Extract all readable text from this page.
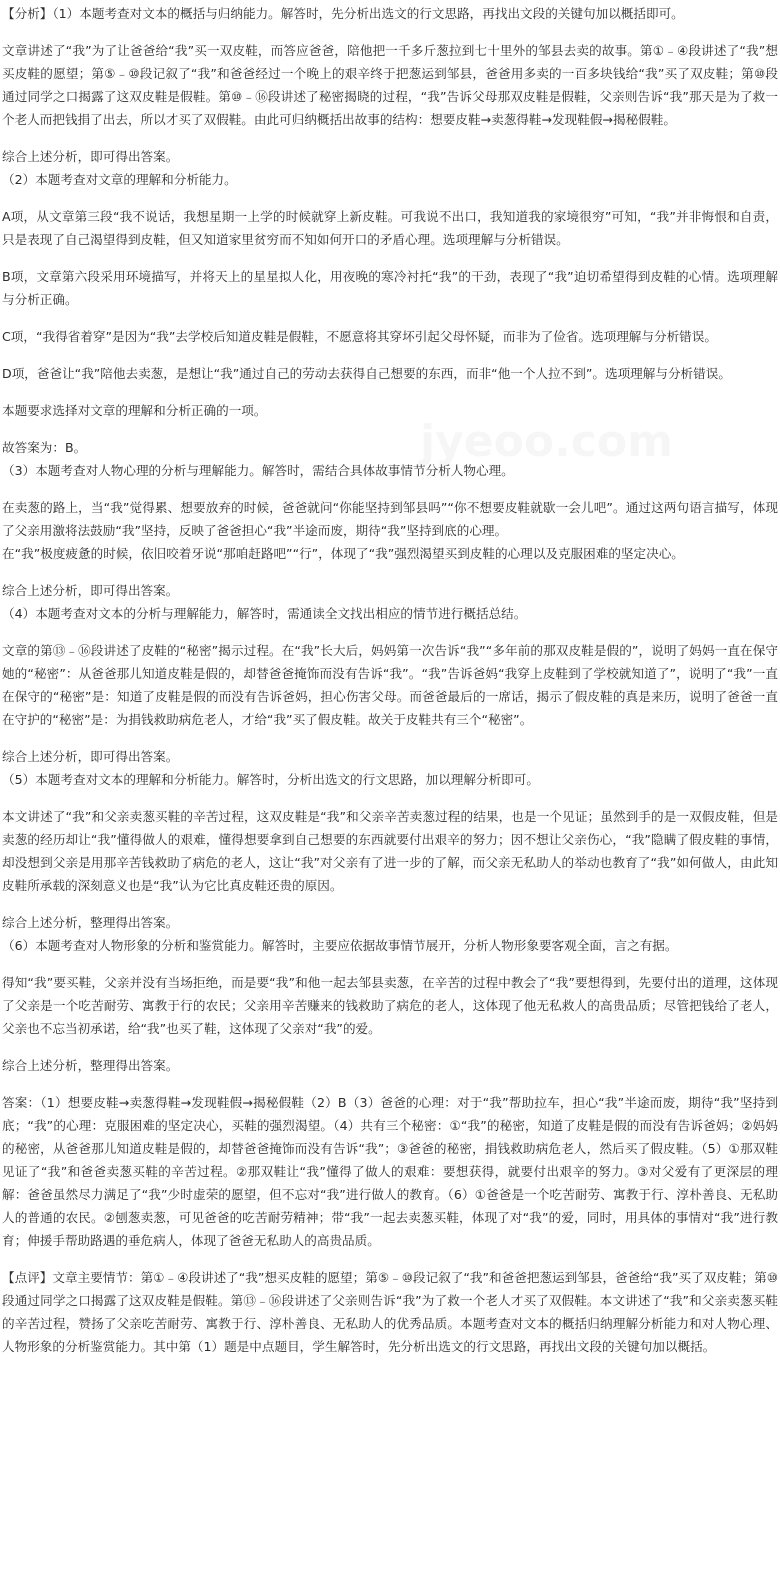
【分析】（1）本题考查对文本的概括与归纳能力。解答时，先分析出选文的行文思路，再找出文段的关键句加以概括即可。

文章讲述了“我”为了让爸爸给“我”买一双皮鞋，而答应爸爸，陪他把一千多斤葱拉到七十里外的邹县去卖的故事。第①﹣④段讲述了“我”想买皮鞋的愿望；第⑤﹣⑩段记叙了“我”和爸爸经过一个晚上的艰辛终于把葱运到邹县，爸爸用多卖的一百多块钱给“我”买了双皮鞋；第⑩段通过同学之口揭露了这双皮鞋是假鞋。第⑩﹣⑯段讲述了秘密揭晓的过程，“我”告诉父母那双皮鞋是假鞋，父亲则告诉“我”那天是为了救一个老人而把钱捐了出去，所以才买了双假鞋。由此可归纳概括出故事的结构：想要皮鞋→卖葱得鞋→发现鞋假→揭秘假鞋。

综合上述分析，即可得出答案。

（2）本题考查对文章的理解和分析能力。

A项，从文章第三段“我不说话，我想星期一上学的时候就穿上新皮鞋。可我说不出口，我知道我的家境很穷”可知，“我”并非悔恨和自责，只是表现了自己渴望得到皮鞋，但又知道家里贫穷而不知如何开口的矛盾心理。选项理解与分析错误。

B项，文章第六段采用环境描写，并将天上的星星拟人化，用夜晚的寒冷衬托“我”的干劲，表现了“我”迫切希望得到皮鞋的心情。选项理解与分析正确。

C项，“我得省着穿”是因为“我”去学校后知道皮鞋是假鞋，不愿意将其穿坏引起父母怀疑，而非为了俭省。选项理解与分析错误。

D项，爸爸让“我”陪他去卖葱，是想让“我”通过自己的劳动去获得自己想要的东西，而非“他一个人拉不到”。选项理解与分析错误。

本题要求选择对文章的理解和分析正确的一项。

故答案为：B。

（3）本题考查对人物心理的分析与理解能力。解答时，需结合具体故事情节分析人物心理。

在卖葱的路上，当“我”觉得累、想要放弃的时候，爸爸就问“你能坚持到邹县吗”“你不想要皮鞋就歇一会儿吧”。通过这两句语言描写，体现了父亲用激将法鼓励“我”坚持，反映了爸爸担心“我”半途而废，期待“我”坚持到底的心理。

在“我”极度疲惫的时候，依旧咬着牙说“那咱赶路吧”“行”，体现了“我”强烈渴望买到皮鞋的心理以及克服困难的坚定决心。

综合上述分析，即可得出答案。

（4）本题考查对文本的分析与理解能力，解答时，需通读全文找出相应的情节进行概括总结。

文章的第⑬﹣⑯段讲述了皮鞋的“秘密”揭示过程。在“我”长大后，妈妈第一次告诉“我”“多年前的那双皮鞋是假的”，说明了妈妈一直在保守她的“秘密”：从爸爸那儿知道皮鞋是假的，却替爸爸掩饰而没有告诉“我”。“我”告诉爸妈“我穿上皮鞋到了学校就知道了”，说明了“我”一直在保守的“秘密”是：知道了皮鞋是假的而没有告诉爸妈，担心伤害父母。而爸爸最后的一席话，揭示了假皮鞋的真是来历，说明了爸爸一直在守护的“秘密”是：为捐钱救助病危老人，才给“我”买了假皮鞋。故关于皮鞋共有三个“秘密”。

综合上述分析，即可得出答案。

（5）本题考查对文本的理解和分析能力。解答时，分析出选文的行文思路，加以理解分析即可。

本文讲述了“我”和父亲卖葱买鞋的辛苦过程，这双皮鞋是“我”和父亲辛苦卖葱过程的结果，也是一个见证；虽然到手的是一双假皮鞋，但是卖葱的经历却让“我”懂得做人的艰难，懂得想要拿到自己想要的东西就要付出艰辛的努力；因不想让父亲伤心，“我”隐瞒了假皮鞋的事情，却没想到父亲是用那辛苦钱救助了病危的老人，这让“我”对父亲有了进一步的了解，而父亲无私助人的举动也教育了“我”如何做人，由此知皮鞋所承载的深刻意义也是“我”认为它比真皮鞋还贵的原因。

综合上述分析，整理得出答案。

（6）本题考查对人物形象的分析和鉴赏能力。解答时，主要应依据故事情节展开，分析人物形象要客观全面，言之有据。

得知“我”要买鞋，父亲并没有当场拒绝，而是要“我”和他一起去邹县卖葱，在辛苦的过程中教会了“我”要想得到，先要付出的道理，这体现了父亲是一个吃苦耐劳、寓教于行的农民；父亲用辛苦赚来的钱救助了病危的老人，这体现了他无私救人的高贵品质；尽管把钱给了老人，父亲也不忘当初承诺，给“我”也买了鞋，这体现了父亲对“我”的爱。

综合上述分析，整理得出答案。

答案：（1）想要皮鞋→卖葱得鞋→发现鞋假→揭秘假鞋（2）B（3）爸爸的心理：对于“我”帮助拉车，担心“我”半途而废，期待“我”坚持到底；“我”的心理：克服困难的坚定决心，买鞋的强烈渴望。（4）共有三个秘密：①“我”的秘密，知道了皮鞋是假的而没有告诉爸妈；②妈妈的秘密，从爸爸那儿知道皮鞋是假的，却替爸爸掩饰而没有告诉“我”；③爸爸的秘密，捐钱救助病危老人，然后买了假皮鞋。（5）①那双鞋见证了“我”和爸爸卖葱买鞋的辛苦过程。②那双鞋让“我”懂得了做人的艰难：要想获得，就要付出艰辛的努力。③对父爱有了更深层的理解：爸爸虽然尽力满足了“我”少时虚荣的愿望，但不忘对“我”进行做人的教育。（6）①爸爸是一个吃苦耐劳、寓教于行、淳朴善良、无私助人的普通的农民。②刨葱卖葱，可见爸爸的吃苦耐劳精神；带“我”一起去卖葱买鞋，体现了对“我”的爱，同时，用具体的事情对“我”进行教育；伸援手帮助路遇的垂危病人，体现了爸爸无私助人的高贵品质。

【点评】文章主要情节：第①﹣④段讲述了“我”想买皮鞋的愿望；第⑤﹣⑩段记叙了“我”和爸爸把葱运到邹县，爸爸给“我”买了双皮鞋；第⑩段通过同学之口揭露了这双皮鞋是假鞋。第⑬﹣⑯段讲述了父亲则告诉“我”为了救一个老人才买了双假鞋。本文讲述了“我”和父亲卖葱买鞋的辛苦过程，赞扬了父亲吃苦耐劳、寓教于行、淳朴善良、无私助人的优秀品质。本题考查对文本的概括归纳理解分析能力和对人物心理、人物形象的分析鉴赏能力。其中第（1）题是中点题目，学生解答时，先分析出选文的行文思路，再找出文段的关键句加以概括。
